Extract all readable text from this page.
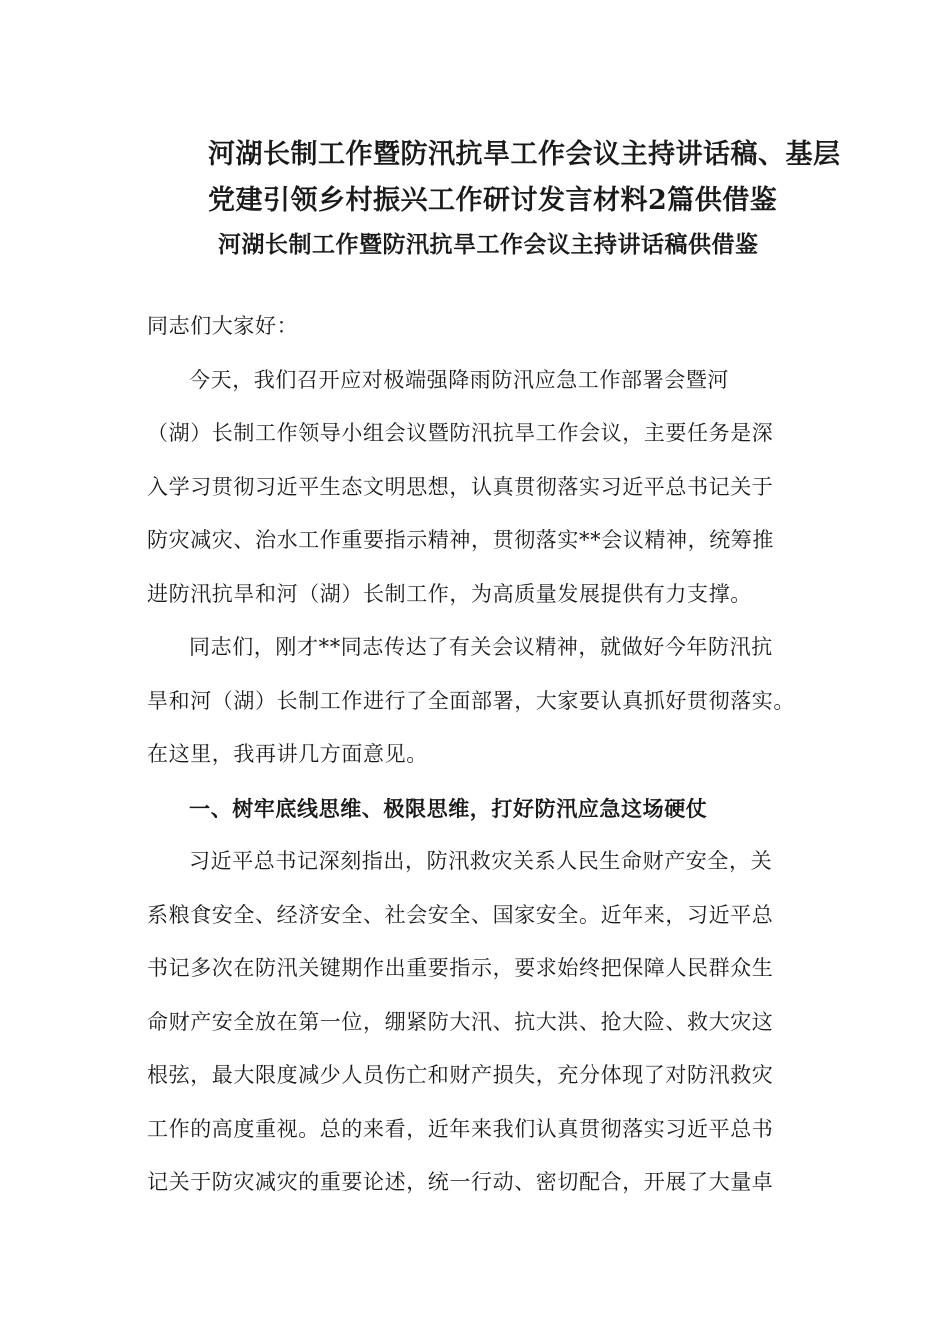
河湖长制工作暨防汛抗旱工作会议主持讲话稿、基层
党建引领乡村振兴工作研讨发言材料2篇供借鉴
河湖长制工作暨防汛抗旱工作会议主持讲话稿供借鉴
同志们大家好：
今天，我们召开应对极端强降雨防汛应急工作部署会暨河
（湖）长制工作领导小组会议暨防汛抗旱工作会议，主要任务是深
入学习贯彻习近平生态文明思想，认真贯彻落实习近平总书记关于
防灾减灾、治水工作重要指示精神，贯彻落实**会议精神，统筹推
进防汛抗旱和河（湖）长制工作，为高质量发展提供有力支撑。
同志们，刚才**同志传达了有关会议精神，就做好今年防汛抗
旱和河（湖）长制工作进行了全面部署，大家要认真抓好贯彻落实。
在这里，我再讲几方面意见。
一、树牢底线思维、极限思维，打好防汛应急这场硬仗
习近平总书记深刻指出，防汛救灾关系人民生命财产安全，关
系粮食安全、经济安全、社会安全、国家安全。近年来，习近平总
书记多次在防汛关键期作出重要指示，要求始终把保障人民群众生
命财产安全放在第一位，绷紧防大汛、抗大洪、抢大险、救大灾这
根弦，最大限度减少人员伤亡和财产损失，充分体现了对防汛救灾
工作的高度重视。总的来看，近年来我们认真贯彻落实习近平总书
记关于防灾减灾的重要论述，统一行动、密切配合，开展了大量卓
